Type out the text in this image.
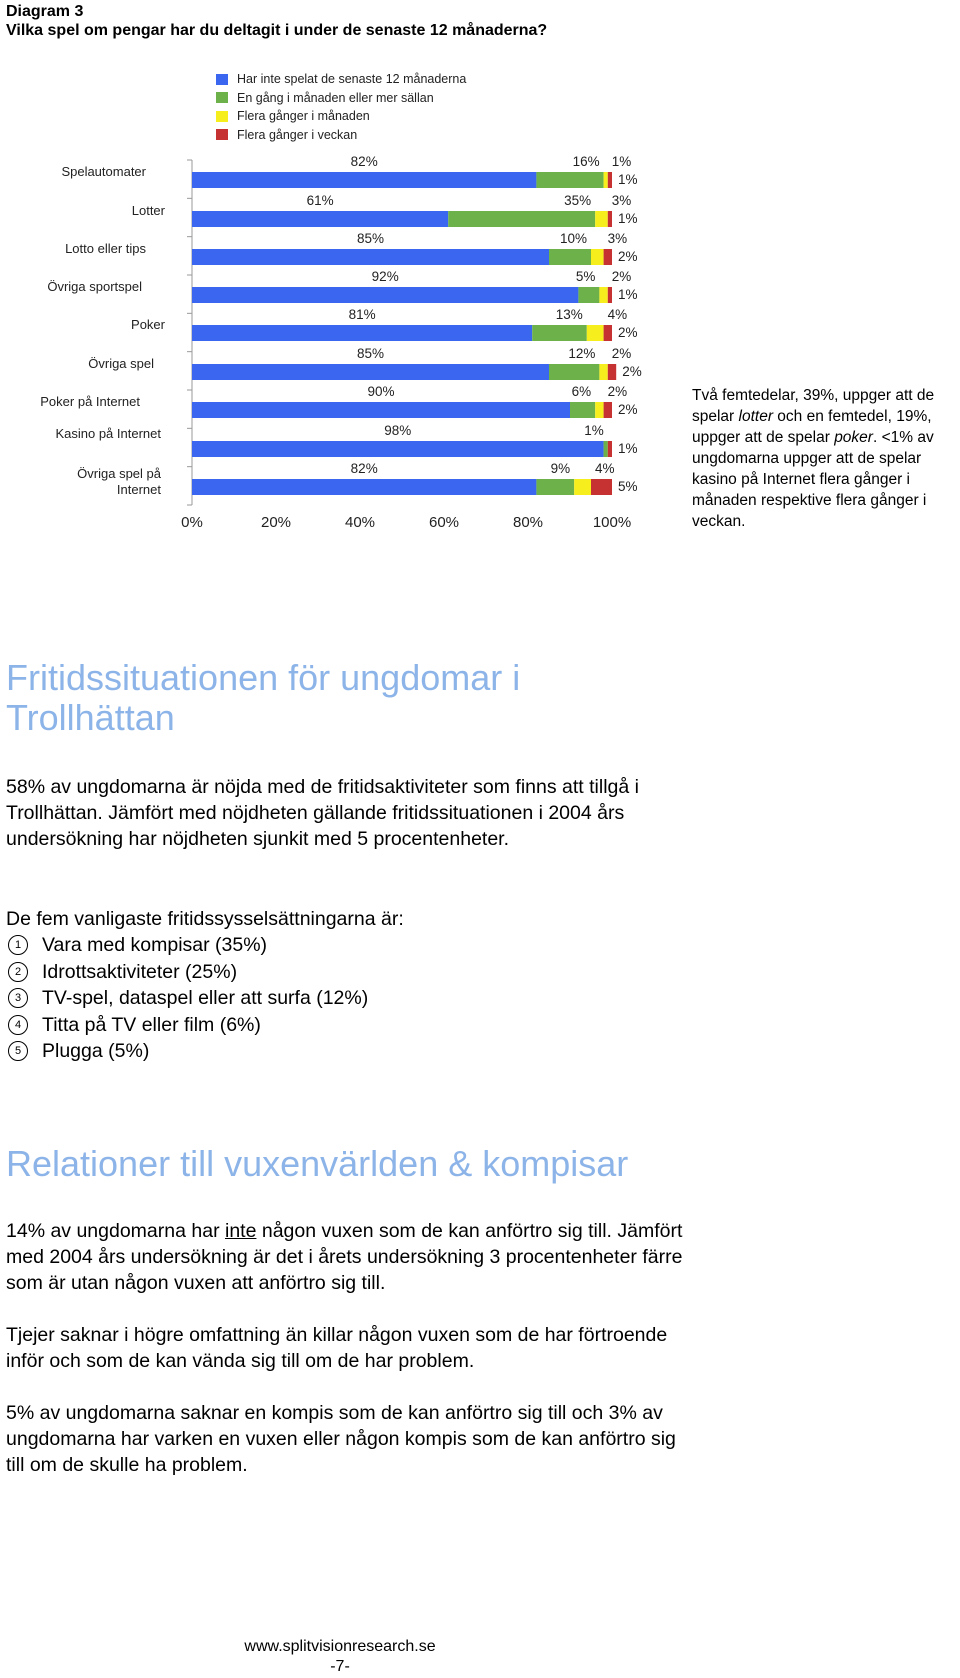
Diagram 3
Vilka spel om pengar har du deltagit i under de senaste 12 månaderna?
Har inte spelat de senaste 12 månaderna
En gång i månaden eller mer sällan
Flera gånger i månaden
Flera gånger i veckan
Spelautomater
Lotter
Lotto eller tips
Övriga sportspel
Poker
Övriga spel
Poker på Internet
Kasino på Internet
Övriga spel på Internet
82%	16% 1%
1%
61%	35% 3%
1%
85%	10% 3%
2%
92%	5% 2%
1%
81%	13% 4%
2%
85%	12% 2%
2%
90%	6% 2%
2%
98%	1%
1%
82%	9% 4%
5%
0%	20%	40%	60%	80%	100%
Två femtedelar, 39%, uppger att de spelar lotter och en femtedel, 19%, uppger att de spelar poker. <1% av ungdomarna uppger att de spelar kasino på Internet flera gånger i månaden respektive flera gånger i veckan.
Fritidssituationen för ungdomar i
Trollhättan

58% av ungdomarna är nöjda med de fritidsaktiviteter som finns att tillgå i Trollhättan. Jämfört med nöjdheten gällande fritidssituationen i 2004 års undersökning har nöjdheten sjunkit med 5 procentenheter.

De fem vanligaste fritidssysselsättningarna är:

1	Vara med kompisar (35%)
2	Idrottsaktiviteter (25%)
3	TV-spel, dataspel eller att surfa (12%)
4	Titta på TV eller film (6%)
5	Plugga (5%)
Relationer till vuxenvärlden & kompisar

14% av ungdomarna har inte någon vuxen som de kan anförtro sig till. Jämfört med 2004 års undersökning är det i årets undersökning 3 procentenheter färre som är utan någon vuxen att anförtro sig till.

Tjejer saknar i högre omfattning än killar någon vuxen som de har förtroende inför och som de kan vända sig till om de har problem.

5% av ungdomarna saknar en kompis som de kan anförtro sig till och 3% av ungdomarna har varken en vuxen eller någon kompis som de kan anförtro sig till om de skulle ha problem.

www.splitvisionresearch.se
-7-
